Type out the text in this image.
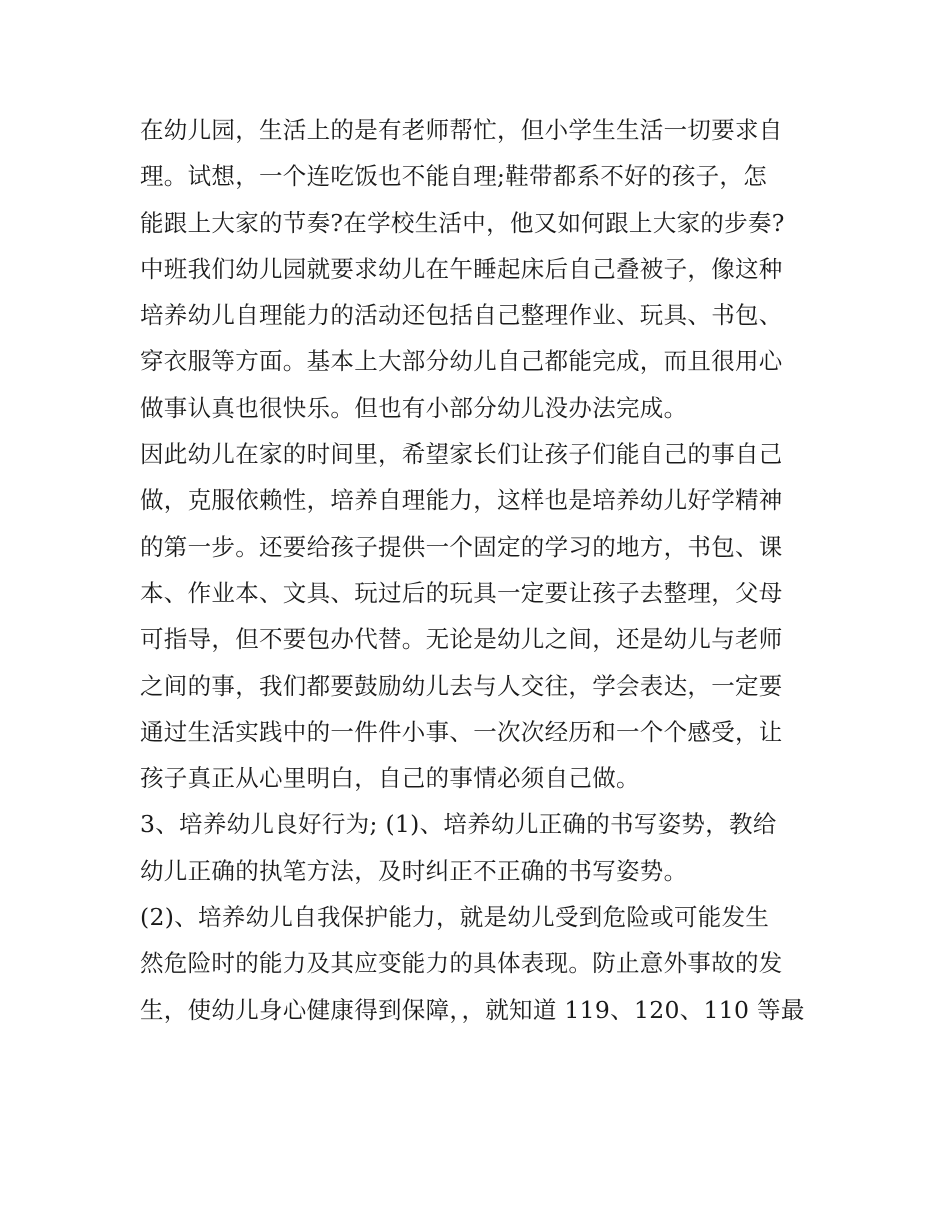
在幼儿园，生活上的是有老师帮忙，但小学生生活一切要求自
理。试想，一个连吃饭也不能自理;鞋带都系不好的孩子，怎
能跟上大家的节奏?在学校生活中，他又如何跟上大家的步奏?
中班我们幼儿园就要求幼儿在午睡起床后自己叠被子，像这种
培养幼儿自理能力的活动还包括自己整理作业、玩具、书包、
穿衣服等方面。基本上大部分幼儿自己都能完成，而且很用心
做事认真也很快乐。但也有小部分幼儿没办法完成。
因此幼儿在家的时间里，希望家长们让孩子们能自己的事自己
做，克服依赖性，培养自理能力，这样也是培养幼儿好学精神
的第一步。还要给孩子提供一个固定的学习的地方，书包、课
本、作业本、文具、玩过后的玩具一定要让孩子去整理，父母
可指导，但不要包办代替。无论是幼儿之间，还是幼儿与老师
之间的事，我们都要鼓励幼儿去与人交往，学会表达，一定要
通过生活实践中的一件件小事、一次次经历和一个个感受，让
孩子真正从心里明白，自己的事情必须自己做。
3、培养幼儿良好行为; (1)、培养幼儿正确的书写姿势，教给
幼儿正确的执笔方法，及时纠正不正确的书写姿势。
(2)、培养幼儿自我保护能力，就是幼儿受到危险或可能发生
然危险时的能力及其应变能力的具体表现。防止意外事故的发
生，使幼儿身心健康得到保障，，就知道 119、120、110 等最
